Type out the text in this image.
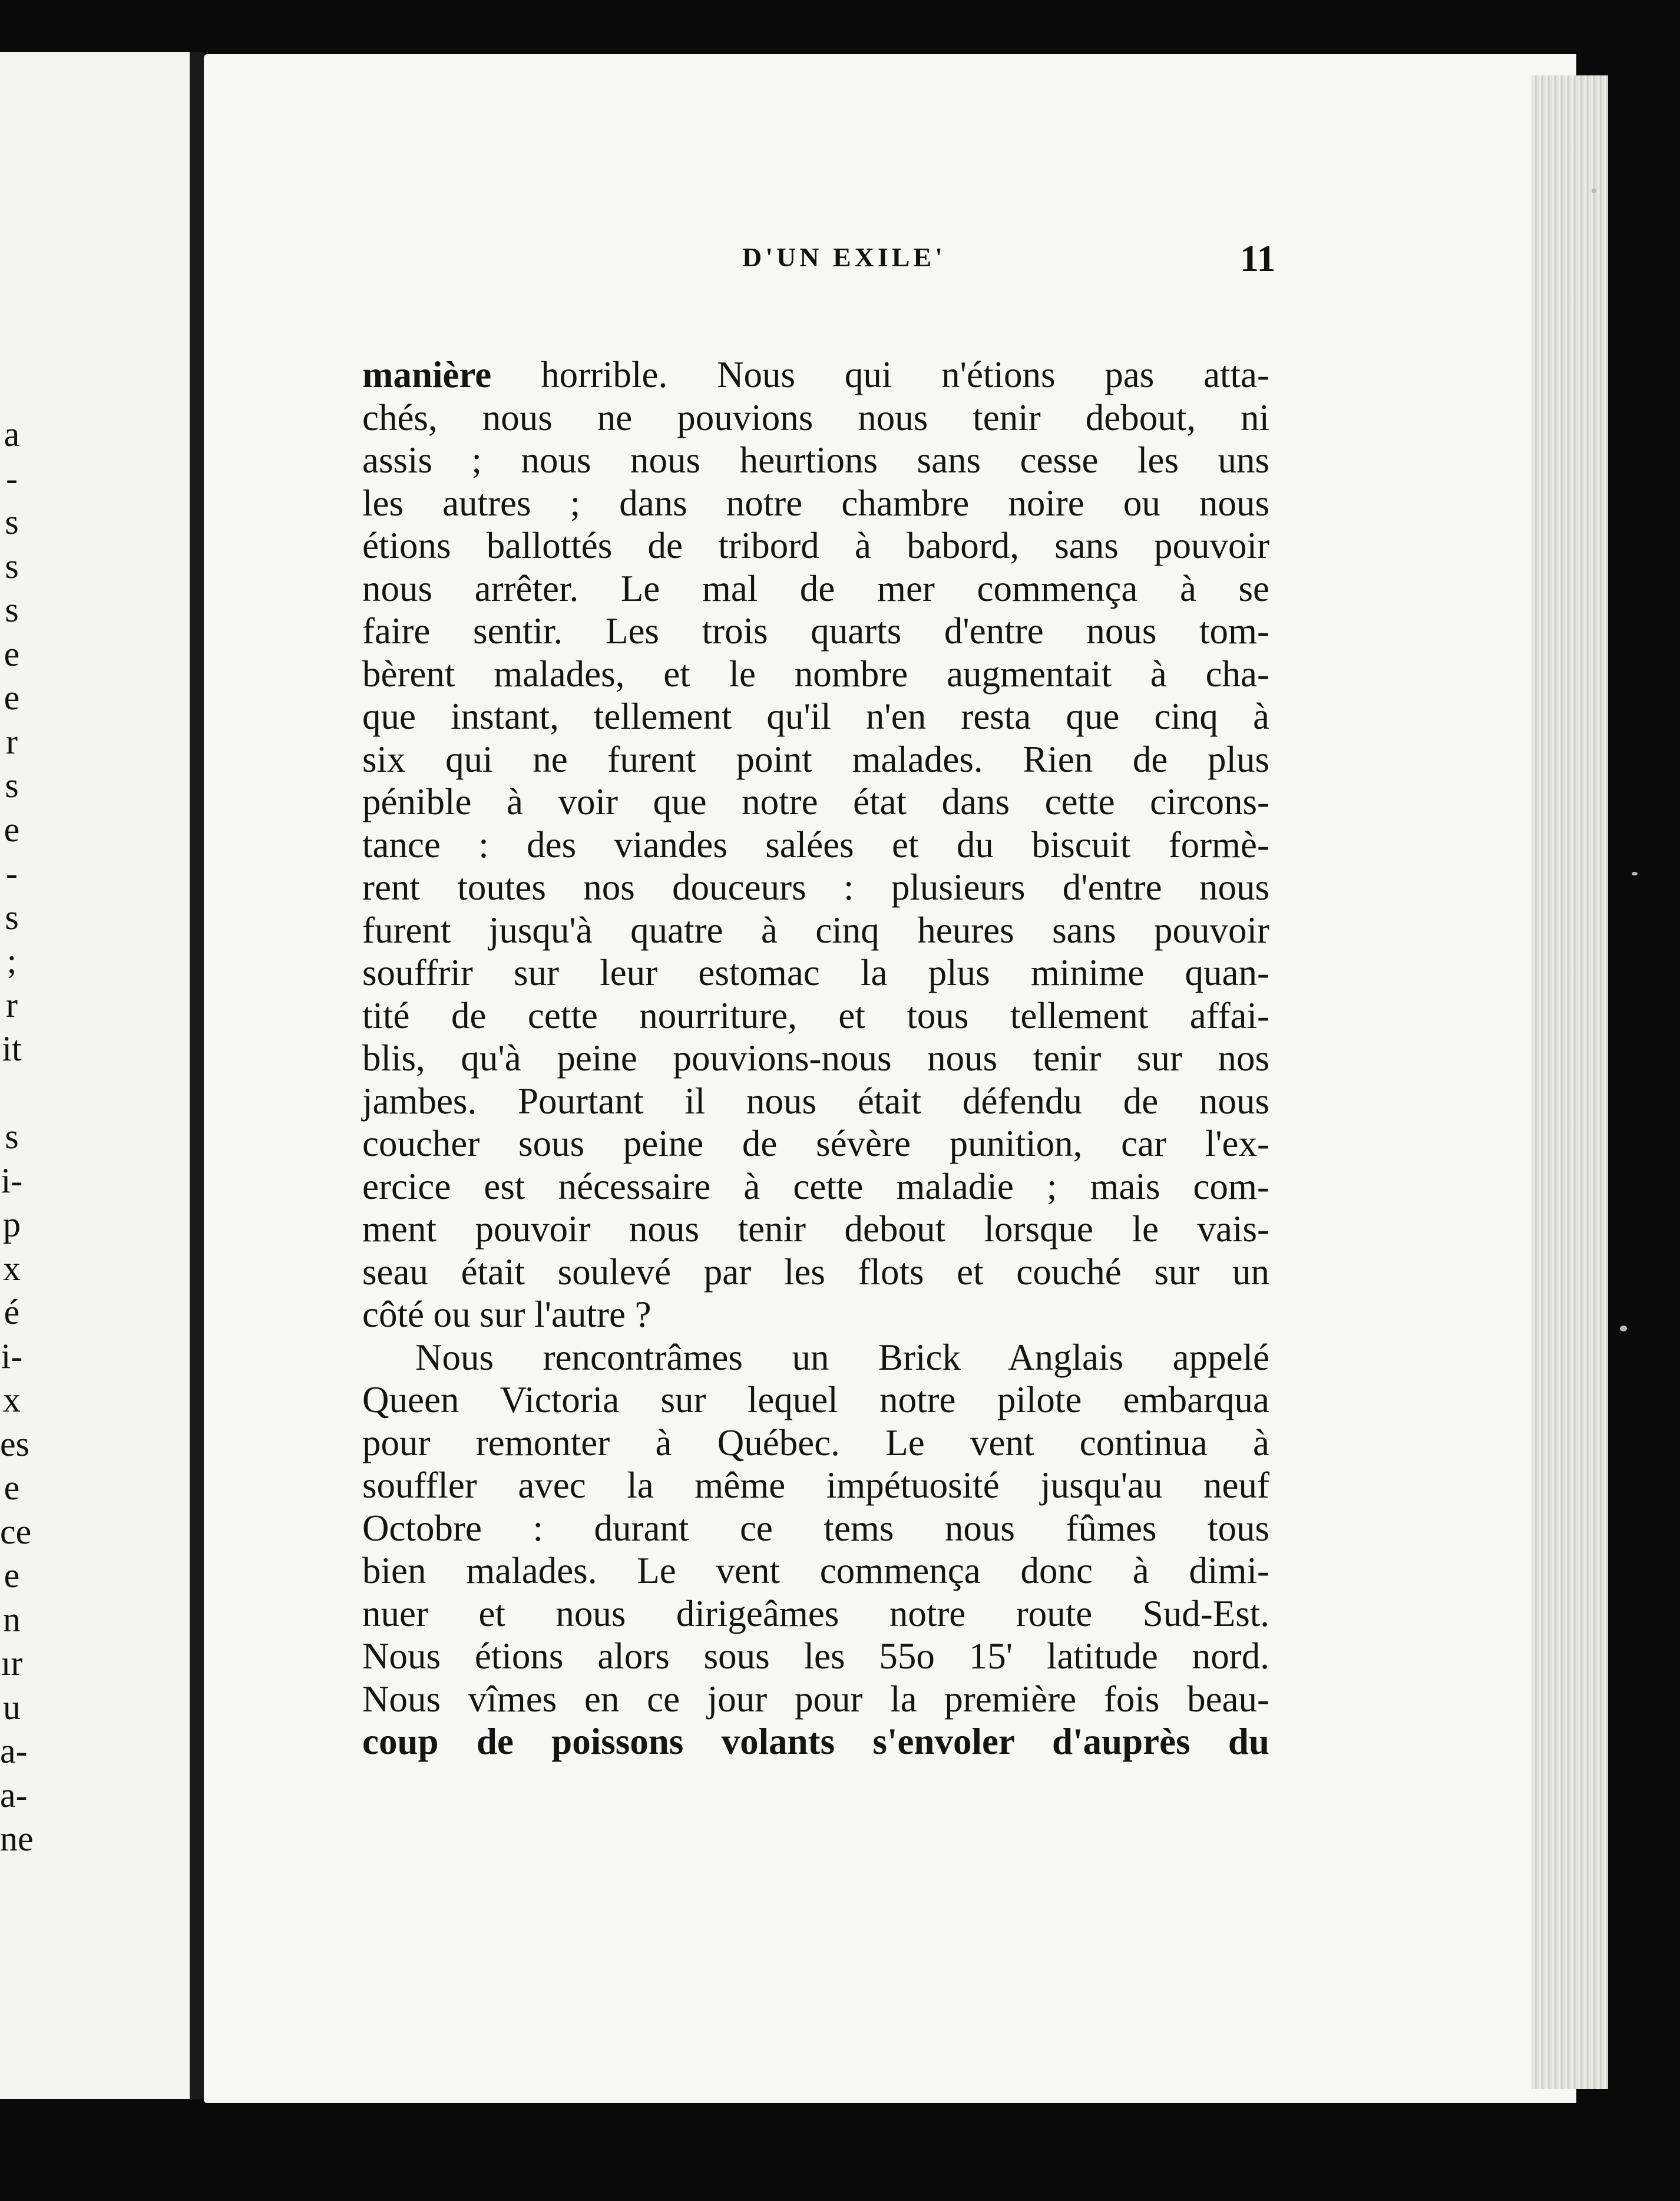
a
-
s
s
s
e
e
r
s
e
-
s
;
r
it
s
i-
p
x
é
i-
x
es
e
ce
e
n
ır
u
a-
a-
ne
D'UN EXILE'	11
manière horrible. Nous qui n'étions pas atta-
chés, nous ne pouvions nous tenir debout, ni
assis ; nous nous heurtions sans cesse les uns
les autres ; dans notre chambre noire ou nous
étions ballottés de tribord à babord, sans pouvoir
nous arrêter. Le mal de mer commença à se
faire sentir. Les trois quarts d'entre nous tom-
bèrent malades, et le nombre augmentait à cha-
que instant, tellement qu'il n'en resta que cinq à
six qui ne furent point malades. Rien de plus
pénible à voir que notre état dans cette circons-
tance : des viandes salées et du biscuit formè-
rent toutes nos douceurs : plusieurs d'entre nous
furent jusqu'à quatre à cinq heures sans pouvoir
souffrir sur leur estomac la plus minime quan-
tité de cette nourriture, et tous tellement affai-
blis, qu'à peine pouvions-nous nous tenir sur nos
jambes. Pourtant il nous était défendu de nous
coucher sous peine de sévère punition, car l'ex-
ercice est nécessaire à cette maladie ; mais com-
ment pouvoir nous tenir debout lorsque le vais-
seau était soulevé par les flots et couché sur un
côté ou sur l'autre ?
Nous rencontrâmes un Brick Anglais appelé
Queen Victoria sur lequel notre pilote embarqua
pour remonter à Québec. Le vent continua à
souffler avec la même impétuosité jusqu'au neuf
Octobre : durant ce tems nous fûmes tous
bien malades. Le vent commença donc à dimi-
nuer et nous dirigeâmes notre route Sud-Est.
Nous étions alors sous les 55o 15' latitude nord.
Nous vîmes en ce jour pour la première fois beau-
coup de poissons volants s'envoler d'auprès du
